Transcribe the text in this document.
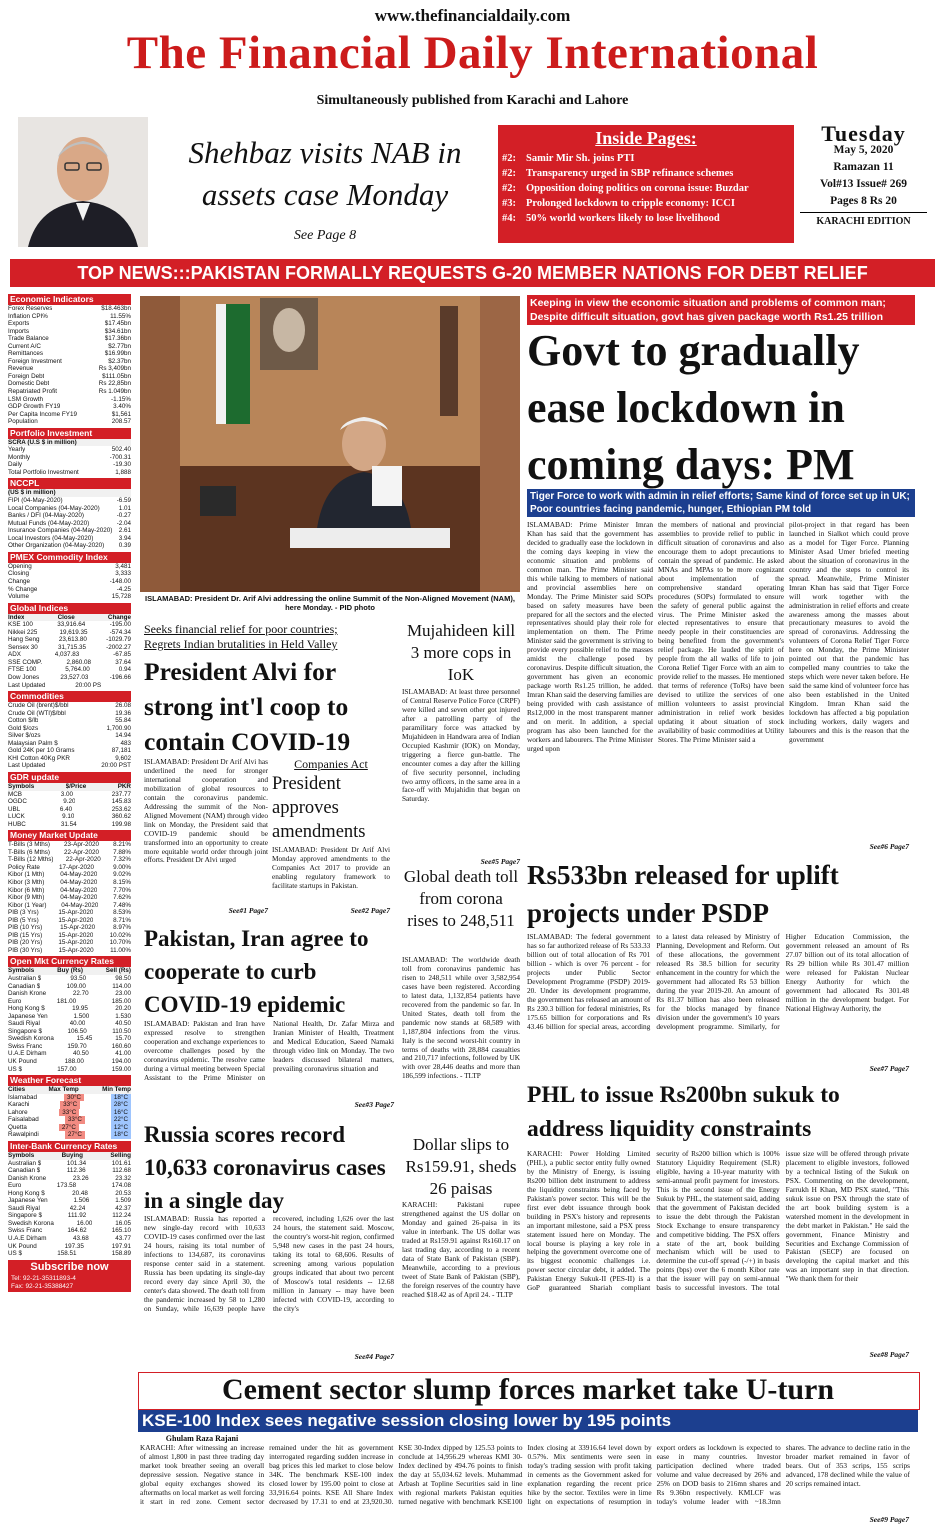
www.thefinancialdaily.com
The Financial Daily International
Simultaneously published from Karachi and Lahore
Shehbaz visits NAB in assets case Monday
See Page 8
Inside Pages:
#2: Samir Mir Sh. joins PTI
#2: Transparency urged in SBP refinance schemes
#2: Opposition doing politics on corona issue: Buzdar
#3: Prolonged lockdown to cripple economy: ICCI
#4: 50% world workers likely to lose livelihood
Tuesday
May 5, 2020
Ramazan 11
Vol#13 Issue# 269
Pages 8 Rs 20
KARACHI EDITION
TOP NEWS:::PAKISTAN FORMALLY REQUESTS G-20 MEMBER NATIONS FOR DEBT RELIEF
Economic Indicators
Forex Reserves	$18.463bn
Inflation CPI%	11.55%
Exports	$17.45bn
Imports	$34.61bn
Trade Balance	$17.36bn
Current A/C	$2.77bn
Remittances	$16.99bn
Foreign Investment	$2.37bn
Revenue	Rs 3,409bn
Foreign Debt	$111.05bn
Domestic Debt	Rs 22,85bn
Repatriated Profit	Rs 1.049bn
LSM Growth	-1.15%
GDP Growth FY19	3.40%
Per Capita Income FY19	$1,561
Population	208.57
Portfolio Investment
SCRA (U.S $ in million)
Yearly	502.40
Monthly	-700.31
Daily	-19.30
Total Portfolio Investment	1,888
NCCPL
(US $ in million)
FIPI (04-May-2020)	-6.59
Local Companies (04-May-2020)	1.01
Banks / DFI (04-May-2020)	-0.27
Mutual Funds (04-May-2020)	-2.04
Insurance Companies (04-May-2020) 2.61
Local Investors (04-May-2020)	3.94
Other Organization (04-May-2020) 0.39
PMEX Commodity Index
Opening	3,481
Closing	3,333
Change	-148.00
% Change	-4.25
Volume	15,728
Global Indices
Index	Close	Change
KSE 100	33,916.64	-195.00
Nikkei 225	19,619.35	-574.34
Hang Seng	23,613.80	-1029.79
Sensex 30	31,715.35	-2002.27
ADX	4,037.83	-67.85
SSE COMP.	2,860.08	37.64
FTSE 100	5,764.00	0.94
Dow Jones	23,527.03	-196.66
Last Updated	20:00 PS
Commodities
Crude Oil (brent)$/bbl	26.08
Crude Oil (WTI)$/bbl	19.36
Cotton $/lb	55.84
Gold $/ozs	1,700.90
Silver $/ozs	14.94
Malaysian Palm $	483
Gold 24K per 10 Grams	87,181
KHI Cotton 40Kg PKR	9,602
Last Updated	20:00 PST
GDR update
Symbols	$/Price	PKR
MCB	3.00	237.77
OGDC	9.20	145.83
UBL	6.40	253.62
LUCK	9.10	360.62
HUBC	31.54	199.98
Money Market Update
T-Bills (3 Mths) 23-Apr-2020 8.21%
T-Bills (6 Mths) 22-Apr-2020 7.88%
T-Bills (12 Mths) 22-Apr-2020 7.32%
Policy Rate	17-Apr-2020	9.00%
Kibor (1 Mth)	04-May-2020	9.02%
Kibor (3 Mth)	04-May-2020	8.15%
Kibor (6 Mth)	04-May-2020	7.70%
Kibor (9 Mth)	04-May-2020	7.62%
Kibor (1 Year) 04-May-2020 7.48%
PIB (3 Yrs)	15-Apr-2020	8.53%
PIB (5 Yrs)	15-Apr-2020	8.71%
PIB (10 Yrs)	15-Apr-2020	8.97%
PIB (15 Yrs)	15-Apr-2020	10.02%
PIB (20 Yrs)	15-Apr-2020	10.70%
PIB (30 Yrs)	15-Apr-2020	11.00%
Open Mkt Currency Rates
Symbols	Buy (Rs)	Sell (Rs)
Australian $	93.50	98.50
Canadian $	109.00	114.00
Danish Krone	22.70	23.00
Euro	181.00	185.00
Hong Kong $	19.95	20.20
Japanese Yen	1.500	1.530
Saudi Riyal	40.00	40.50
Singapore $	106.50	110.50
Swedish Korona	15.45	15.70
Swiss Franc	159.70	160.60
U.A.E Dirham	40.50	41.00
UK Pound	188.00	194.00
US $	157.00	159.00
Weather Forecast
Cities	Max Temp	Min Temp
Islamabad	30°C	18°C
Karachi	33°C	28°C
Lahore	33°C	16°C
Faisalabad	33°C	22°C
Quetta	27°C	12°C
Rawalpindi	27°C	18°C
Inter-Bank Currency Rates
Symbols	Buying	Selling
Australian $	101.34	101.61
Canadian $	112.36	112.68
Danish Krone	23.26	23.32
Euro	173.58	174.08
Hong Kong $	20.48	20.53
Japanese Yen	1.506	1.509
Saudi Riyal	42.24	42.37
Singapore $	111.92	112.24
Swedish Korona	16.00	16.05
Swiss Franc	164.62	165.10
U.A.E Dirham	43.68	43.77
UK Pound	197.35	197.91
US $	158.51	158.89
Subscribe now
Tel: 92-21-35311893-4
Fax: 92-21-35388427
ISLAMABAD: President Dr. Arif Alvi addressing the online Summit of the Non-Aligned Movement (NAM), here Monday. - PID photo
Keeping in view the economic situation and problems of common man; Despite difficult situation, govt has given package worth Rs1.25 trillion
Govt to gradually ease lockdown in coming days: PM
Tiger Force to work with admin in relief efforts; Same kind of force set up in UK; Poor countries facing pandemic, hunger, Ethiopian PM told
ISLAMABAD: Prime Minister Imran Khan has said that the government has decided to gradually ease the lockdown in the coming days keeping in view the economic situation and problems of common man. The Prime Minister said this while talking to members of national and provincial assemblies here on Monday. The Prime Minister said SOPs based on safety measures have been prepared for all the sectors and the elected representatives should play their role for implementation on them. The Prime Minister said the government is striving to provide every possible relief to the masses amidst the challenge posed by coronavirus. Despite difficult situation, the government has given an economic package worth Rs1.25 trillion, he added. Imran Khan said the deserving families are being provided with cash assistance of Rs12,000 in the most transparent manner and on merit. In addition, a special program has also been launched for the workers and labourers. The Prime Minister urged upon
the members of national and provincial assemblies to provide relief to public in difficult situation of coronavirus and also encourage them to adopt precautions to contain the spread of pandemic. He asked MNAs and MPAs to be more cognizant about implementation of the comprehensive standard operating procedures (SOPs) formulated to ensure the safety of general public against the virus. The Prime Minister asked the elected representatives to ensure that needy people in their constituencies are being benefited from the government's relief package. He lauded the spirit of people from the all walks of life to join Corona Relief Tiger Force with an aim to provide relief to the masses. He mentioned that terms of reference (ToRs) have been devised to utilize the services of one million volunteers to assist provincial administration in relief work besides updating it about situation of stock availability of basic commodities at Utility Stores. The Prime Minister said a
pilot-project in that regard has been launched in Sialkot which could prove as a model for Tiger Force. Planning Minister Asad Umer briefed meeting about the situation of coronavirus in the country and the steps to control its spread. Meanwhile, Prime Minister Imran Khan has said that Tiger Force will work together with the administration in relief efforts and create awareness among the masses about precautionary measures to avoid the spread of coronavirus. Addressing the volunteers of Corona Relief Tiger Force here on Monday, the Prime Minister pointed out that the pandemic has compelled many countries to take the steps which were never taken before. He said the same kind of volunteer force has also been established in the United Kingdom. Imran Khan said the lockdown has affected a big population including workers, daily wagers and labourers and this is the reason that the government
See#6 Page7
Seeks financial relief for poor countries;
Regrets Indian brutalities in Held Valley
President Alvi for strong int'l coop to contain COVID-19
ISLAMABAD: President Dr Arif Alvi has underlined the need for stronger international cooperation and mobilization of global resources to contain the coronavirus pandemic. Addressing the summit of the Non-Aligned Movement (NAM) through video link on Monday, the President said that COVID-19 pandemic should be transformed into an opportunity to create more equitable world order through joint efforts. President Dr Alvi urged
See#1 Page7
Companies Act
President approves amendments
ISLAMABAD: President Dr Arif Alvi Monday approved amendments to the Companies Act 2017 to provide an enabling regulatory framework to facilitate startups in Pakistan.
See#2 Page7
Mujahideen kill 3 more cops in IoK
ISLAMABAD: At least three personnel of Central Reserve Police Force (CRPF) were killed and seven other got injured after a patrolling party of the paramilitary force was attacked by Mujahideen in Handwara area of Indian Occupied Kashmir (IOK) on Monday, triggering a fierce gun-battle. The encounter comes a day after the killing of five security personnel, including two army officers, in the same area in a face-off with Mujahidin that began on Saturday.
See#5 Page7
Global death toll from corona rises to 248,511
ISLAMABAD: The worldwide death toll from coronavirus pandemic has risen to 248,511 while over 3,582,954 cases have been registered. According to latest data, 1,132,854 patients have recovered from the pandemic so far. In United States, death toll from the pandemic now stands at 68,589 with 1,187,804 infections from the virus. Italy is the second worst-hit country in terms of deaths with 28,884 casualties and 210,717 infections, followed by UK with over 28,446 deaths and more than 186,599 infections. - TLTP
Dollar slips to Rs159.91, sheds 26 paisas
KARACHI: Pakistani rupee strengthened against the US dollar on Monday and gained 26-paisa in its value in interbank. The US dollar was traded at Rs159.91 against Rs160.17 on last trading day, according to a recent data of State Bank of Pakistan (SBP). Meanwhile, according to a previous tweet of State Bank of Pakistan (SBP), the foreign reserves of the country have reached $18.42 as of April 24. - TLTP
Pakistan, Iran agree to cooperate to curb COVID-19 epidemic
ISLAMABAD: Pakistan and Iran have expressed resolve to strengthen cooperation and exchange experiences to overcome challenges posed by the coronavirus epidemic. The resolve came during a virtual meeting between Special Assistant to the Prime Minister on National Health, Dr. Zafar Mirza and Iranian Minister of Health, Treatment and Medical Education, Saeed Namaki through video link on Monday. The two leaders discussed bilateral matters, prevailing coronavirus situation and
See#3 Page7
Russia scores record 10,633 coronavirus cases in a single day
ISLAMABAD: Russia has reported a new single-day record with 10,633 COVID-19 cases confirmed over the last 24 hours, raising its total number of infections to 134,687, its coronavirus response center said in a statement. Russia has been updating its single-day record every day since April 30, the center's data showed. The death toll from the pandemic increased by 58 to 1,280 on Sunday, while 16,639 people have recovered, including 1,626 over the last 24 hours, the statement said. Moscow, the country's worst-hit region, confirmed 5,948 new cases in the past 24 hours, taking its total to 68,606. Results of screening among various population groups indicated that about two percent of Moscow's total residents -- 12.68 million in January -- may have been infected with COVID-19, according to the city's
See#4 Page7
Rs533bn released for uplift projects under PSDP
ISLAMABAD: The federal government has so far authorized release of Rs 533.33 billion out of total allocation of Rs 701 billion - which is over 76 percent - for projects under Public Sector Development Programme (PSDP) 2019-20. Under its development programme, the government has released an amount of Rs 230.3 billion for federal ministries, Rs 175.65 billion for corporations and Rs 43.46 billion for special areas, according to a latest data released by Ministry of Planning, Development and Reform. Out of these allocations, the government released Rs 38.5 billion for security enhancement in the country for which the government had allocated Rs 53 billion during the year 2019-20. An amount of Rs 81.37 billion has also been released for the blocks managed by finance division under the government's 10 years development programme. Similarly, for Higher Education Commission, the government released an amount of Rs 27.07 billion out of its total allocation of Rs 29 billion while Rs 301.47 million were released for Pakistan Nuclear Energy Authority for which the government had allocated Rs 301.48 million in the development budget. For National Highway Authority, the
See#7 Page7
PHL to issue Rs200bn sukuk to address liquidity constraints
KARACHI: Power Holding Limited (PHL), a public sector entity fully owned by the Ministry of Energy, is issuing Rs200 billion debt instrument to address the liquidity constraints being faced by Pakistan's power sector. This will be the first ever debt issuance through book building in PSX's history and represents an important milestone, said a PSX press statement issued here on Monday. The local bourse is playing a key role in helping the government overcome one of its biggest economic challenges i.e. power sector circular debt, it added. The Pakistan Energy Sukuk-II (PES-II) is a GoP guaranteed Shariah compliant security of Rs200 billion which is 100% Statutory Liquidity Requirement (SLR) eligible, having a 10-year maturity with semi-annual profit payment for investors. This is the second issue of the Energy Sukuk by PHL, the statement said, adding that the government of Pakistan decided to issue the debt through the Pakistan Stock Exchange to ensure transparency and competitive bidding. The PSX offers a state of the art, book building mechanism which will be used to determine the cut-off spread (-/+) in basis points (bps) over the 6 month Kibor rate that the issuer will pay on semi-annual basis to successful investors. The total issue size will be offered through private placement to eligible investors, followed by a technical listing of the Sukuk on PSX. Commenting on the development, Farrukh H Khan, MD PSX stated, "This sukuk issue on PSX through the state of the art book building system is a watershed moment in the development in the debt market in Pakistan." He said the government, Finance Ministry and Securities and Exchange Commission of Pakistan (SECP) are focused on developing the capital market and this was an important step in that direction. "We thank them for their
See#8 Page7
Cement sector slump forces market take U-turn
KSE-100 Index sees negative session closing lower by 195 points
Ghulam Raza Rajani
KARACHI: After witnessing an increase of almost 1,800 in past three trading day market took breather seeing an overall depressive session. Negative stance in global equity exchanges showed its aftermaths on local market as well forcing it start in red zone. Cement sector remained under the hit as government interrogated regarding sudden increase in bag prices this led market to close below 34K. The benchmark KSE-100 index closed lower by 195.00 point to close at 33,916.64 points. KSE All Share Index decreased by 17.31 to end at 23,920.30. KSE 30-Index dipped by 125.53 points to conclude at 14,956.29 whereas KMI 30-Index declined by 494.76 points to finish the day at 55,034.62 levels. Muhammad Arbash at Topline Securities said in line with regional markets Pakistan equities turned negative with benchmark KSE100 Index closing at 33916.64 level down by 0.57%. Mix sentiments were seen in today's trading session with profit taking in cements as the Government asked for explanation regarding the recent price hike by the sector. Textiles were in lime light on expectations of resumption in export orders as lockdown is expected to ease in many countries. Investor participation declined where traded volume and value decreased by 26% and 25% on DOD basis to 216mn shares and Rs 9.36bn respectively. KMLCF was today's volume leader with ~18.3mn shares. The advance to decline ratio in the broader market remained in favor of bears. Out of 353 scrips, 155 scrips advanced, 178 declined while the value of 20 scrips remained intact.
See#9 Page7
